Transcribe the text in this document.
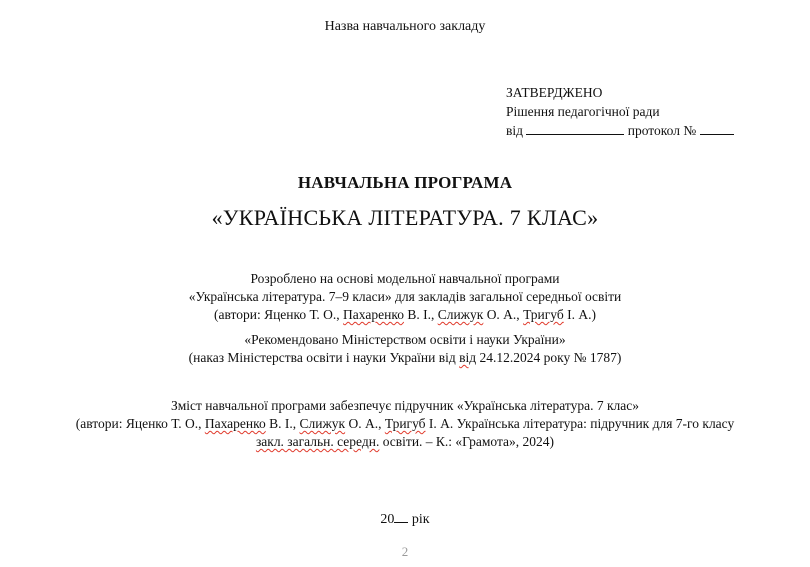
Назва навчального закладу
ЗАТВЕРДЖЕНО
Рішення педагогічної ради
від	протокол №
НАВЧАЛЬНА ПРОГРАМА
«УКРАЇНСЬКА ЛІТЕРАТУРА. 7 КЛАС»
Розроблено на основі модельної навчальної програми
«Українська література. 7–9 класи» для закладів загальної середньої освіти
(автори: Яценко Т. О., Пахаренко В. І., Слижук О. А., Тригуб І. А.)
«Рекомендовано Міністерством освіти і науки України»
(наказ Міністерства освіти і науки України від від 24.12.2024 року № 1787)
Зміст навчальної програми забезпечує підручник «Українська література. 7 клас»
(автори: Яценко Т. О., Пахаренко В. І., Слижук О. А., Тригуб І. А. Українська література: підручник для 7-го класу
закл. загальн. середн. освіти. – К.: «Грамота», 2024)
20 рік
2
